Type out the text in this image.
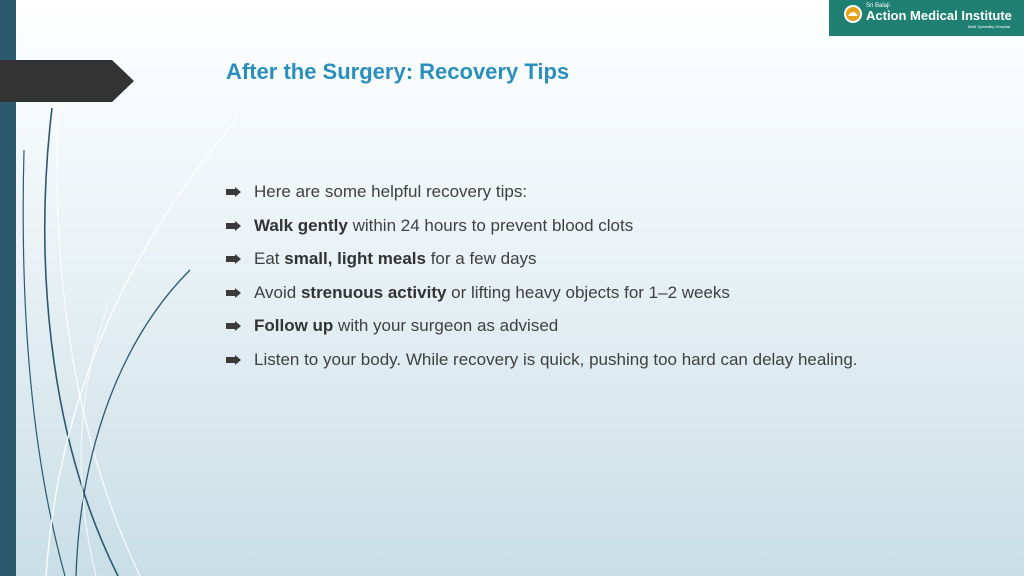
Sri Balaji
Action Medical Institute
Multi Speciality Hospital
After the Surgery: Recovery Tips
Here are some helpful recovery tips:
Walk gently within 24 hours to prevent blood clots
Eat small, light meals for a few days
Avoid strenuous activity or lifting heavy objects for 1–2 weeks
Follow up with your surgeon as advised
Listen to your body. While recovery is quick, pushing too hard can delay healing.
